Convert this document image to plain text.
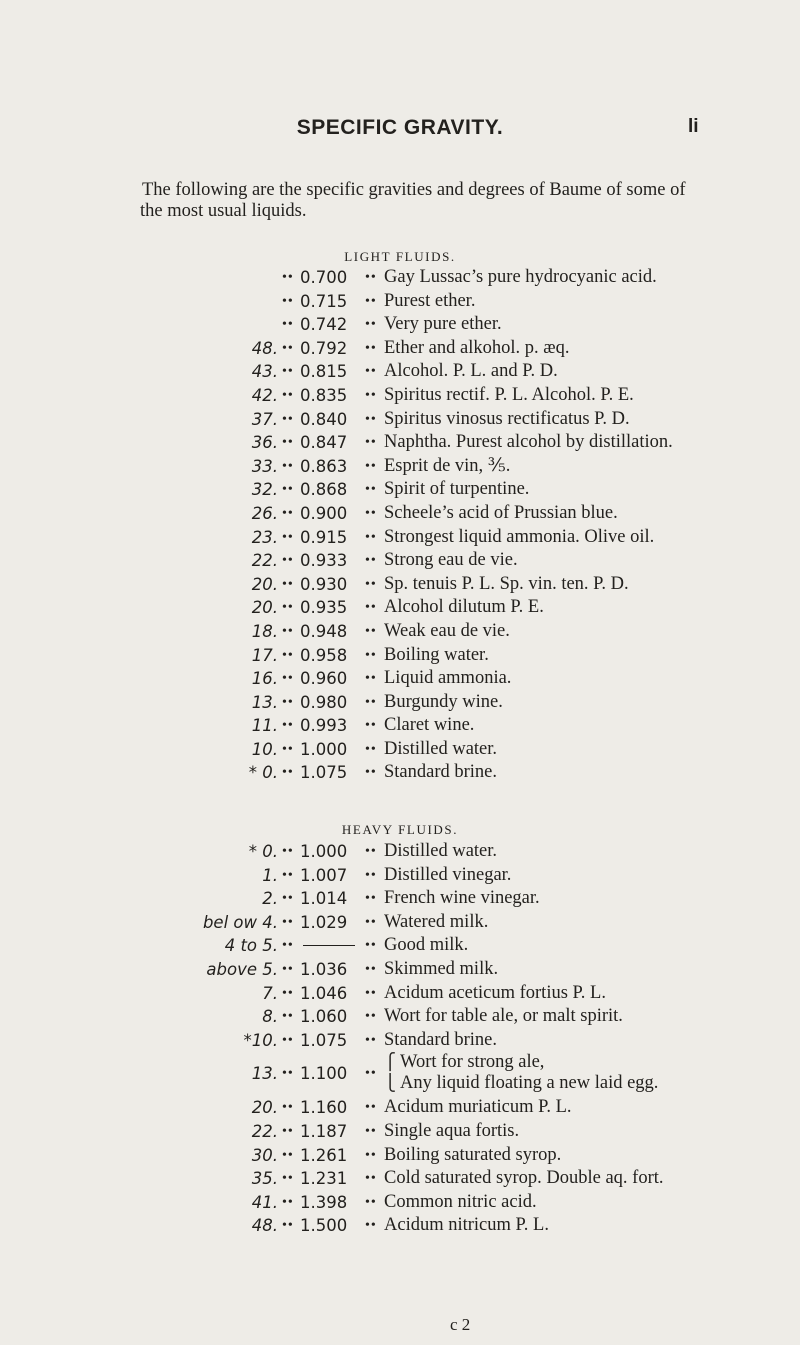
SPECIFIC GRAVITY.	li
The following are the specific gravities and degrees of Baume of some of the most usual liquids.
LIGHT FLUIDS.
•• 0.700 •• Gay Lussac’s pure hydrocyanic acid.
•• 0.715 •• Purest ether.
•• 0.742 •• Very pure ether.
48. •• 0.792 •• Ether and alkohol. p. æq.
43. •• 0.815 •• Alcohol. P. L. and P. D.
42. •• 0.835 •• Spiritus rectif. P. L. Alcohol. P. E.
37. •• 0.840 •• Spiritus vinosus rectificatus P. D.
36. •• 0.847 •• Naphtha. Purest alcohol by distillation.
33. •• 0.863 •• Esprit de vin, ⅗.
32. •• 0.868 •• Spirit of turpentine.
26. •• 0.900 •• Scheele’s acid of Prussian blue.
23. •• 0.915 •• Strongest liquid ammonia. Olive oil.
22. •• 0.933 •• Strong eau de vie.
20. •• 0.930 •• Sp. tenuis P. L. Sp. vin. ten. P. D.
20. •• 0.935 •• Alcohol dilutum P. E.
18. •• 0.948 •• Weak eau de vie.
17. •• 0.958 •• Boiling water.
16. •• 0.960 •• Liquid ammonia.
13. •• 0.980 •• Burgundy wine.
11. •• 0.993 •• Claret wine.
10. •• 1.000 •• Distilled water.
* 0. •• 1.075 •• Standard brine.
HEAVY FLUIDS.
* 0. •• 1.000 •• Distilled water.
1. •• 1.007 •• Distilled vinegar.
2. •• 1.014 •• French wine vinegar.
bel ow 4. •• 1.029 •• Watered milk.
4 to 5. ••	•• Good milk.
above 5. •• 1.036 •• Skimmed milk.
7. •• 1.046 •• Acidum aceticum fortius P. L.
8. •• 1.060 •• Wort for table ale, or malt spirit.
*10. •• 1.075 •• Standard brine.
13. •• 1.100 ••
⎧ Wort for strong ale,
⎩ Any liquid floating a new laid egg.
20. •• 1.160 •• Acidum muriaticum P. L.
22. •• 1.187 •• Single aqua fortis.
30. •• 1.261 •• Boiling saturated syrop.
35. •• 1.231 •• Cold saturated syrop. Double aq. fort.
41. •• 1.398 •• Common nitric acid.
48. •• 1.500 •• Acidum nitricum P. L.
c 2
